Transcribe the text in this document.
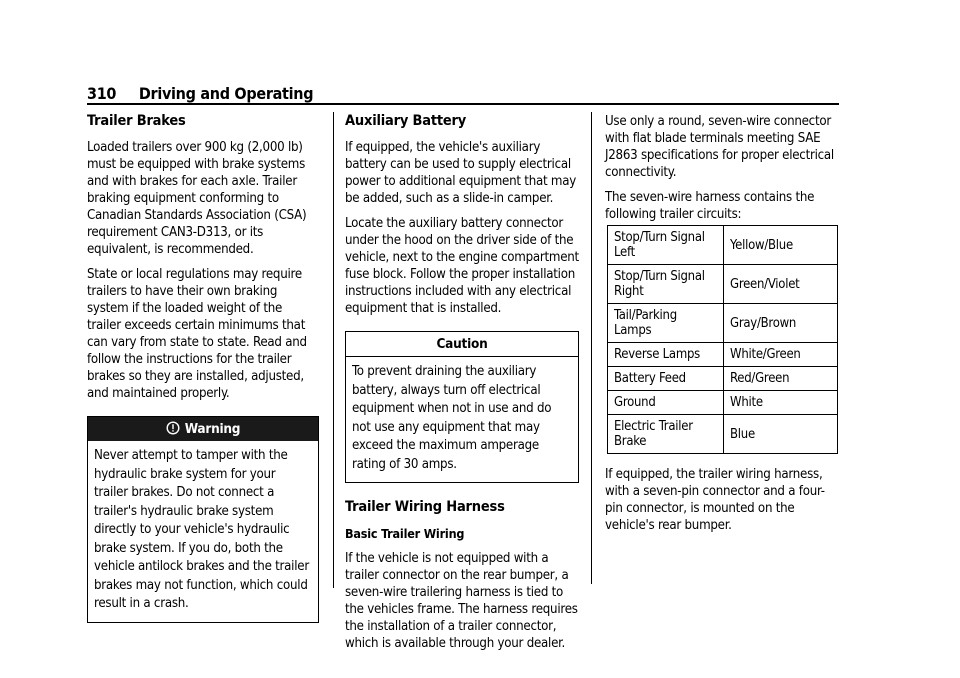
310 Driving and Operating
Trailer Brakes

Loaded trailers over 900 kg (2,000 lb) must be equipped with brake systems and with brakes for each axle. Trailer braking equipment conforming to Canadian Standards Association (CSA) requirement CAN3-D313, or its equivalent, is recommended.

State or local regulations may require trailers to have their own braking system if the loaded weight of the trailer exceeds certain minimums that can vary from state to state. Read and follow the instructions for the trailer brakes so they are installed, adjusted, and maintained properly.

Warning
Never attempt to tamper with the hydraulic brake system for your trailer brakes. Do not connect a trailer's hydraulic brake system directly to your vehicle's hydraulic brake system. If you do, both the vehicle antilock brakes and the trailer brakes may not function, which could result in a crash.
Auxiliary Battery

If equipped, the vehicle's auxiliary battery can be used to supply electrical power to additional equipment that may be added, such as a slide-in camper.

Locate the auxiliary battery connector under the hood on the driver side of the vehicle, next to the engine compartment fuse block. Follow the proper installation instructions included with any electrical equipment that is installed.

Caution
To prevent draining the auxiliary battery, always turn off electrical equipment when not in use and do not use any equipment that may exceed the maximum amperage rating of 30 amps.
Trailer Wiring Harness
Basic Trailer Wiring

If the vehicle is not equipped with a trailer connector on the rear bumper, a seven-wire trailering harness is tied to the vehicles frame. The harness requires the installation of a trailer connector, which is available through your dealer.

Use only a round, seven-wire connector with flat blade terminals meeting SAE J2863 specifications for proper electrical connectivity.

The seven-wire harness contains the following trailer circuits:

Stop/Turn Signal Left	Yellow/Blue
Stop/Turn Signal Right	Green/Violet
Tail/Parking Lamps	Gray/Brown
Reverse Lamps	White/Green
Battery Feed	Red/Green
Ground	White
Electric Trailer Brake	Blue

If equipped, the trailer wiring harness, with a seven-pin connector and a four-pin connector, is mounted on the vehicle's rear bumper.
